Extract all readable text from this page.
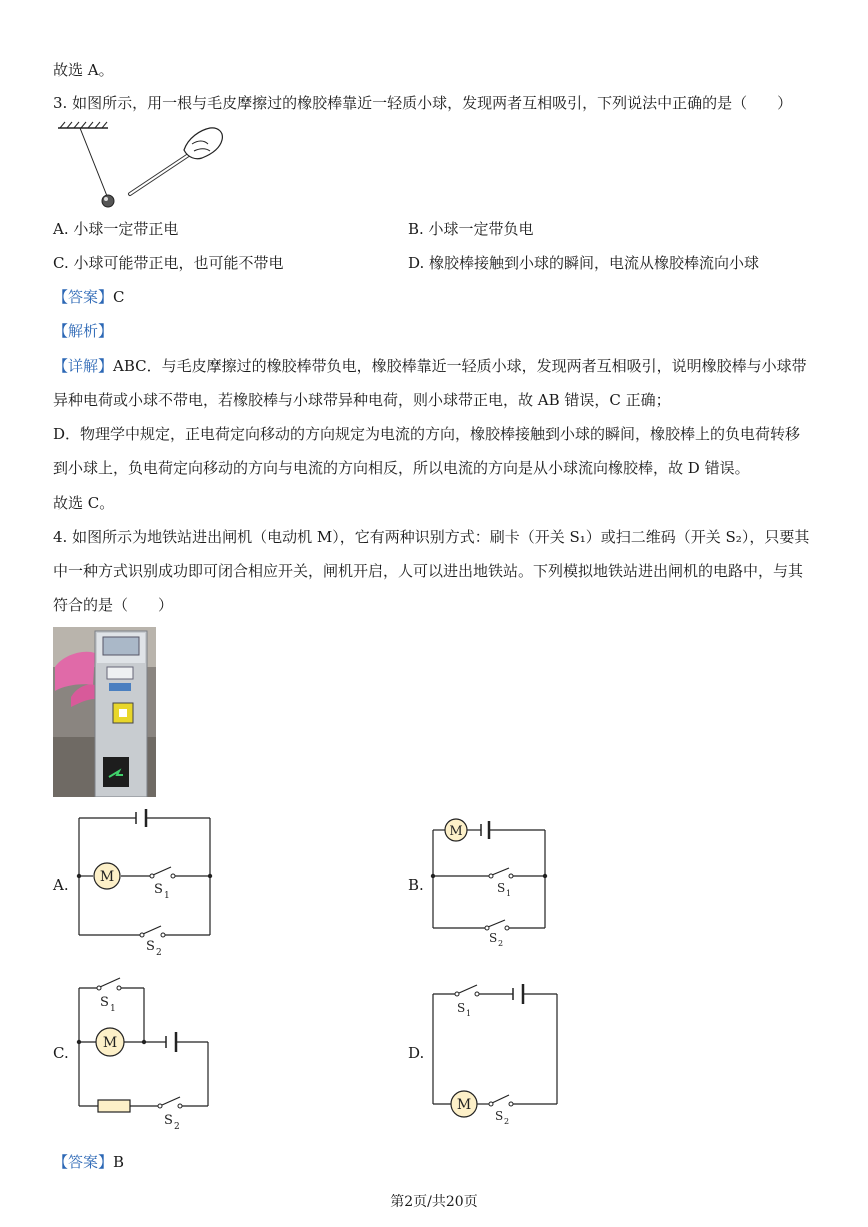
故选 A。
3. 如图所示，用一根与毛皮摩擦过的橡胶棒靠近一轻质小球，发现两者互相吸引，下列说法中正确的是（　　）
A. 小球一定带正电	B. 小球一定带负电
C. 小球可能带正电，也可能不带电	D. 橡胶棒接触到小球的瞬间，电流从橡胶棒流向小球
【答案】C
【解析】
【详解】ABC．与毛皮摩擦过的橡胶棒带负电，橡胶棒靠近一轻质小球，发现两者互相吸引，说明橡胶棒与小球带
异种电荷或小球不带电，若橡胶棒与小球带异种电荷，则小球带正电，故 AB 错误，C 正确；
D．物理学中规定，正电荷定向移动的方向规定为电流的方向，橡胶棒接触到小球的瞬间，橡胶棒上的负电荷转移
到小球上，负电荷定向移动的方向与电流的方向相反，所以电流的方向是从小球流向橡胶棒，故 D 错误。
故选 C。
4. 如图所示为地铁站进出闸机（电动机 M），它有两种识别方式：刷卡（开关 S₁）或扫二维码（开关 S₂），只要其
中一种方式识别成功即可闭合相应开关，闸机开启，人可以进出地铁站。下列模拟地铁站进出闸机的电路中，与其
符合的是（　　）
A. M
S 1
S 2
B.
M
S 1
S 2
C.
M
S 1
S 2
D.
M
S 1
S 2
【答案】B
第2页/共20页
